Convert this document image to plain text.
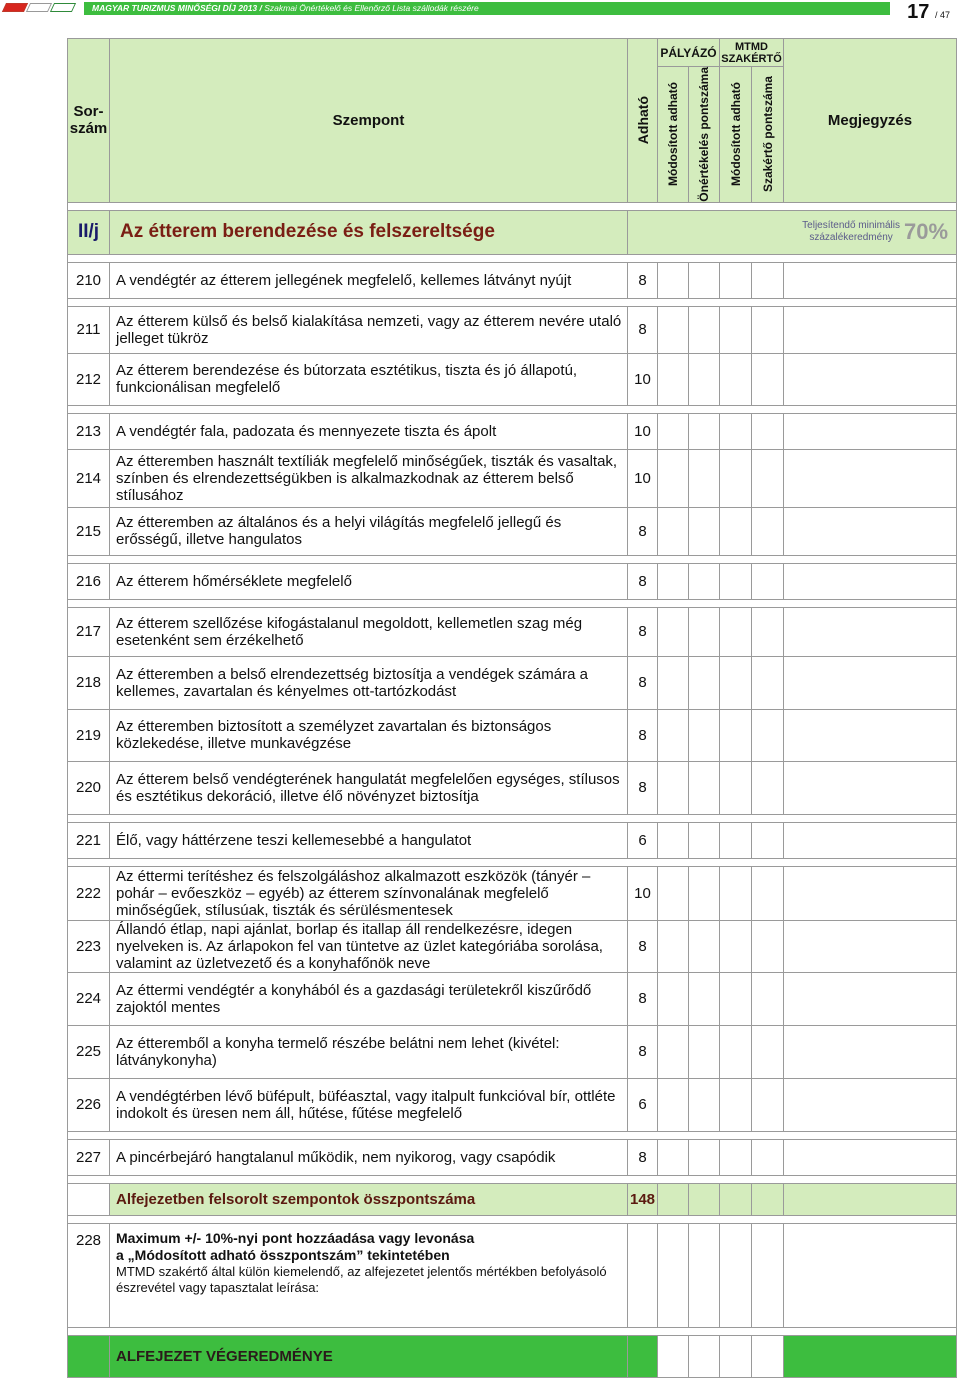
MAGYAR TURIZMUS MINŐSÉGI DÍJ 2013 / Szakmai Önértékelő és Ellenőrző Lista szállodák részére	17 / 47
Sor-szám	Szempont	Adható	PÁLYÁZÓ		MTMD SZAKÉRTŐ		Megjegyzés

			Módosított adható	Önértékelés pontszáma	Módosított adható	Szakértő pontszáma	

II/j	Az étterem berendezése és felszereltsége	Teljesítendő minimális
százalékeredmény 70%					

210	A vendégtér az étterem jellegének megfelelő, kellemes látványt nyújt	8					

211	Az étterem külső és belső kialakítása nemzeti, vagy az étterem nevére utaló jelleget tükröz	8					
212	Az étterem berendezése és bútorzata esztétikus, tiszta és jó állapotú, funkcionálisan megfelelő	10					

213	A vendégtér fala, padozata és mennyezete tiszta és ápolt	10					
214	Az étteremben használt textíliák megfelelő minőségűek, tiszták és vasaltak, színben és elrendezettségükben is alkalmazkodnak az étterem belső stílusához	10					
215	Az étteremben az általános és a helyi világítás megfelelő jellegű és erősségű, illetve hangulatos	8					

216	Az étterem hőmérséklete megfelelő	8					

217	Az étterem szellőzése kifogástalanul megoldott, kellemetlen szag még esetenként sem érzékelhető	8					
218	Az étteremben a belső elrendezettség biztosítja a vendégek számára a kellemes, zavartalan és kényelmes ott-tartózkodást	8					
219	Az étteremben biztosított a személyzet zavartalan és biztonságos közlekedése, illetve munkavégzése	8					
220	Az étterem belső vendégterének hangulatát megfelelően egységes, stílusos és esztétikus dekoráció, illetve élő növényzet biztosítja	8					

221	Élő, vagy háttérzene teszi kellemesebbé a hangulatot	6					

222	Az éttermi terítéshez és felszolgáláshoz alkalmazott eszközök (tányér – pohár – evőeszköz – egyéb) az étterem színvonalának megfelelő minőségűek, stílusúak, tiszták és sérülésmentesek	10					
223	Állandó étlap, napi ajánlat, borlap és itallap áll rendelkezésre, idegen nyelveken is. Az árlapokon fel van tüntetve az üzlet kategóriába sorolása, valamint az üzletvezető és a konyhafőnök neve	8					
224	Az éttermi vendégtér a konyhából és a gazdasági területekről kiszűrődő zajoktól mentes	8					
225	Az étteremből a konyha termelő részébe belátni nem lehet (kivétel: látványkonyha)	8					
226	A vendégtérben lévő büfépult, büféasztal, vagy italpult funkcióval bír, ottléte indokolt és üresen nem áll, hűtése, fűtése megfelelő	6					

227	A pincérbejáró hangtalanul működik, nem nyikorog, vagy csapódik	8					

	Alfejezetben felsorolt szempontok összpontszáma	148					

228	Maximum +/- 10%-nyi pont hozzáadása vagy levonása
a „Módosított adható összpontszám” tekintetében
MTMD szakértő által külön kiemelendő, az alfejezetet jelentős mértékben befolyásoló észrevétel vagy tapasztalat leírása:						

	ALFEJEZET VÉGEREDMÉNYE						
